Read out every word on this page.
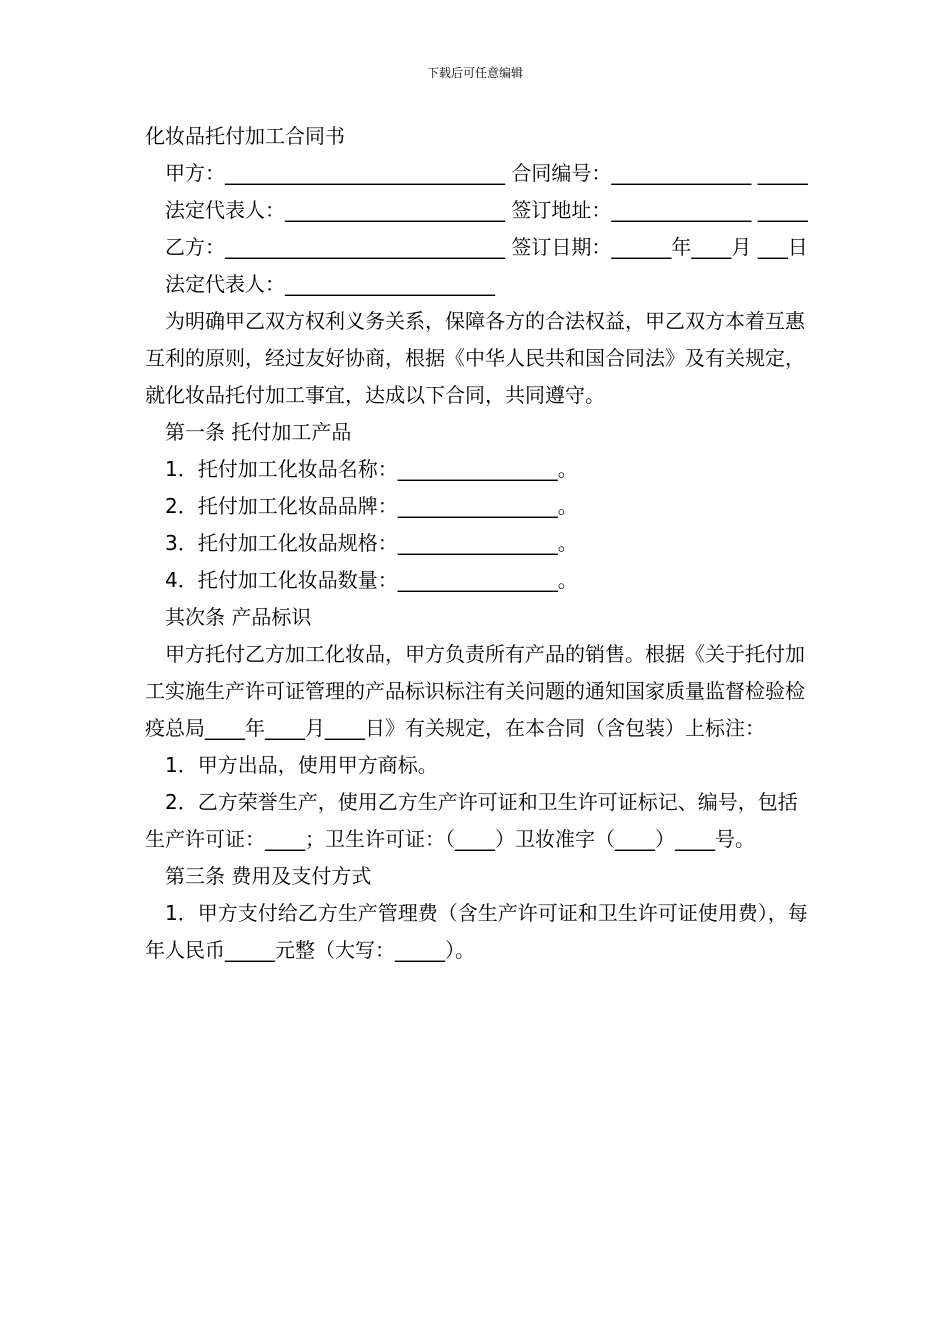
下载后可任意编辑

化妆品托付加工合同书

甲方：____________________________ 合同编号：______________ _____

法定代表人：______________________ 签订地址：______________ _____

乙方：____________________________ 签订日期：______年____月 ___日

法定代表人：_____________________

为明确甲乙双方权利义务关系，保障各方的合法权益，甲乙双方本着互惠互利的原则，经过友好协商，根据《中华人民共和国合同法》及有关规定，就化妆品托付加工事宜，达成以下合同，共同遵守。

第一条 托付加工产品

1．托付加工化妆品名称：________________。

2．托付加工化妆品品牌：________________。

3．托付加工化妆品规格：________________。

4．托付加工化妆品数量：________________。

其次条 产品标识

甲方托付乙方加工化妆品，甲方负责所有产品的销售。根据《关于托付加工实施生产许可证管理的产品标识标注有关问题的通知国家质量监督检验检疫总局____年____月____日》有关规定，在本合同（含包装）上标注：

1．甲方出品，使用甲方商标。

2．乙方荣誉生产，使用乙方生产许可证和卫生许可证标记、编号，包括生产许可证：____；卫生许可证：（____）卫妆准字（____）____号。

第三条 费用及支付方式

1．甲方支付给乙方生产管理费（含生产许可证和卫生许可证使用费），每年人民币_____元整（大写：_____）。
